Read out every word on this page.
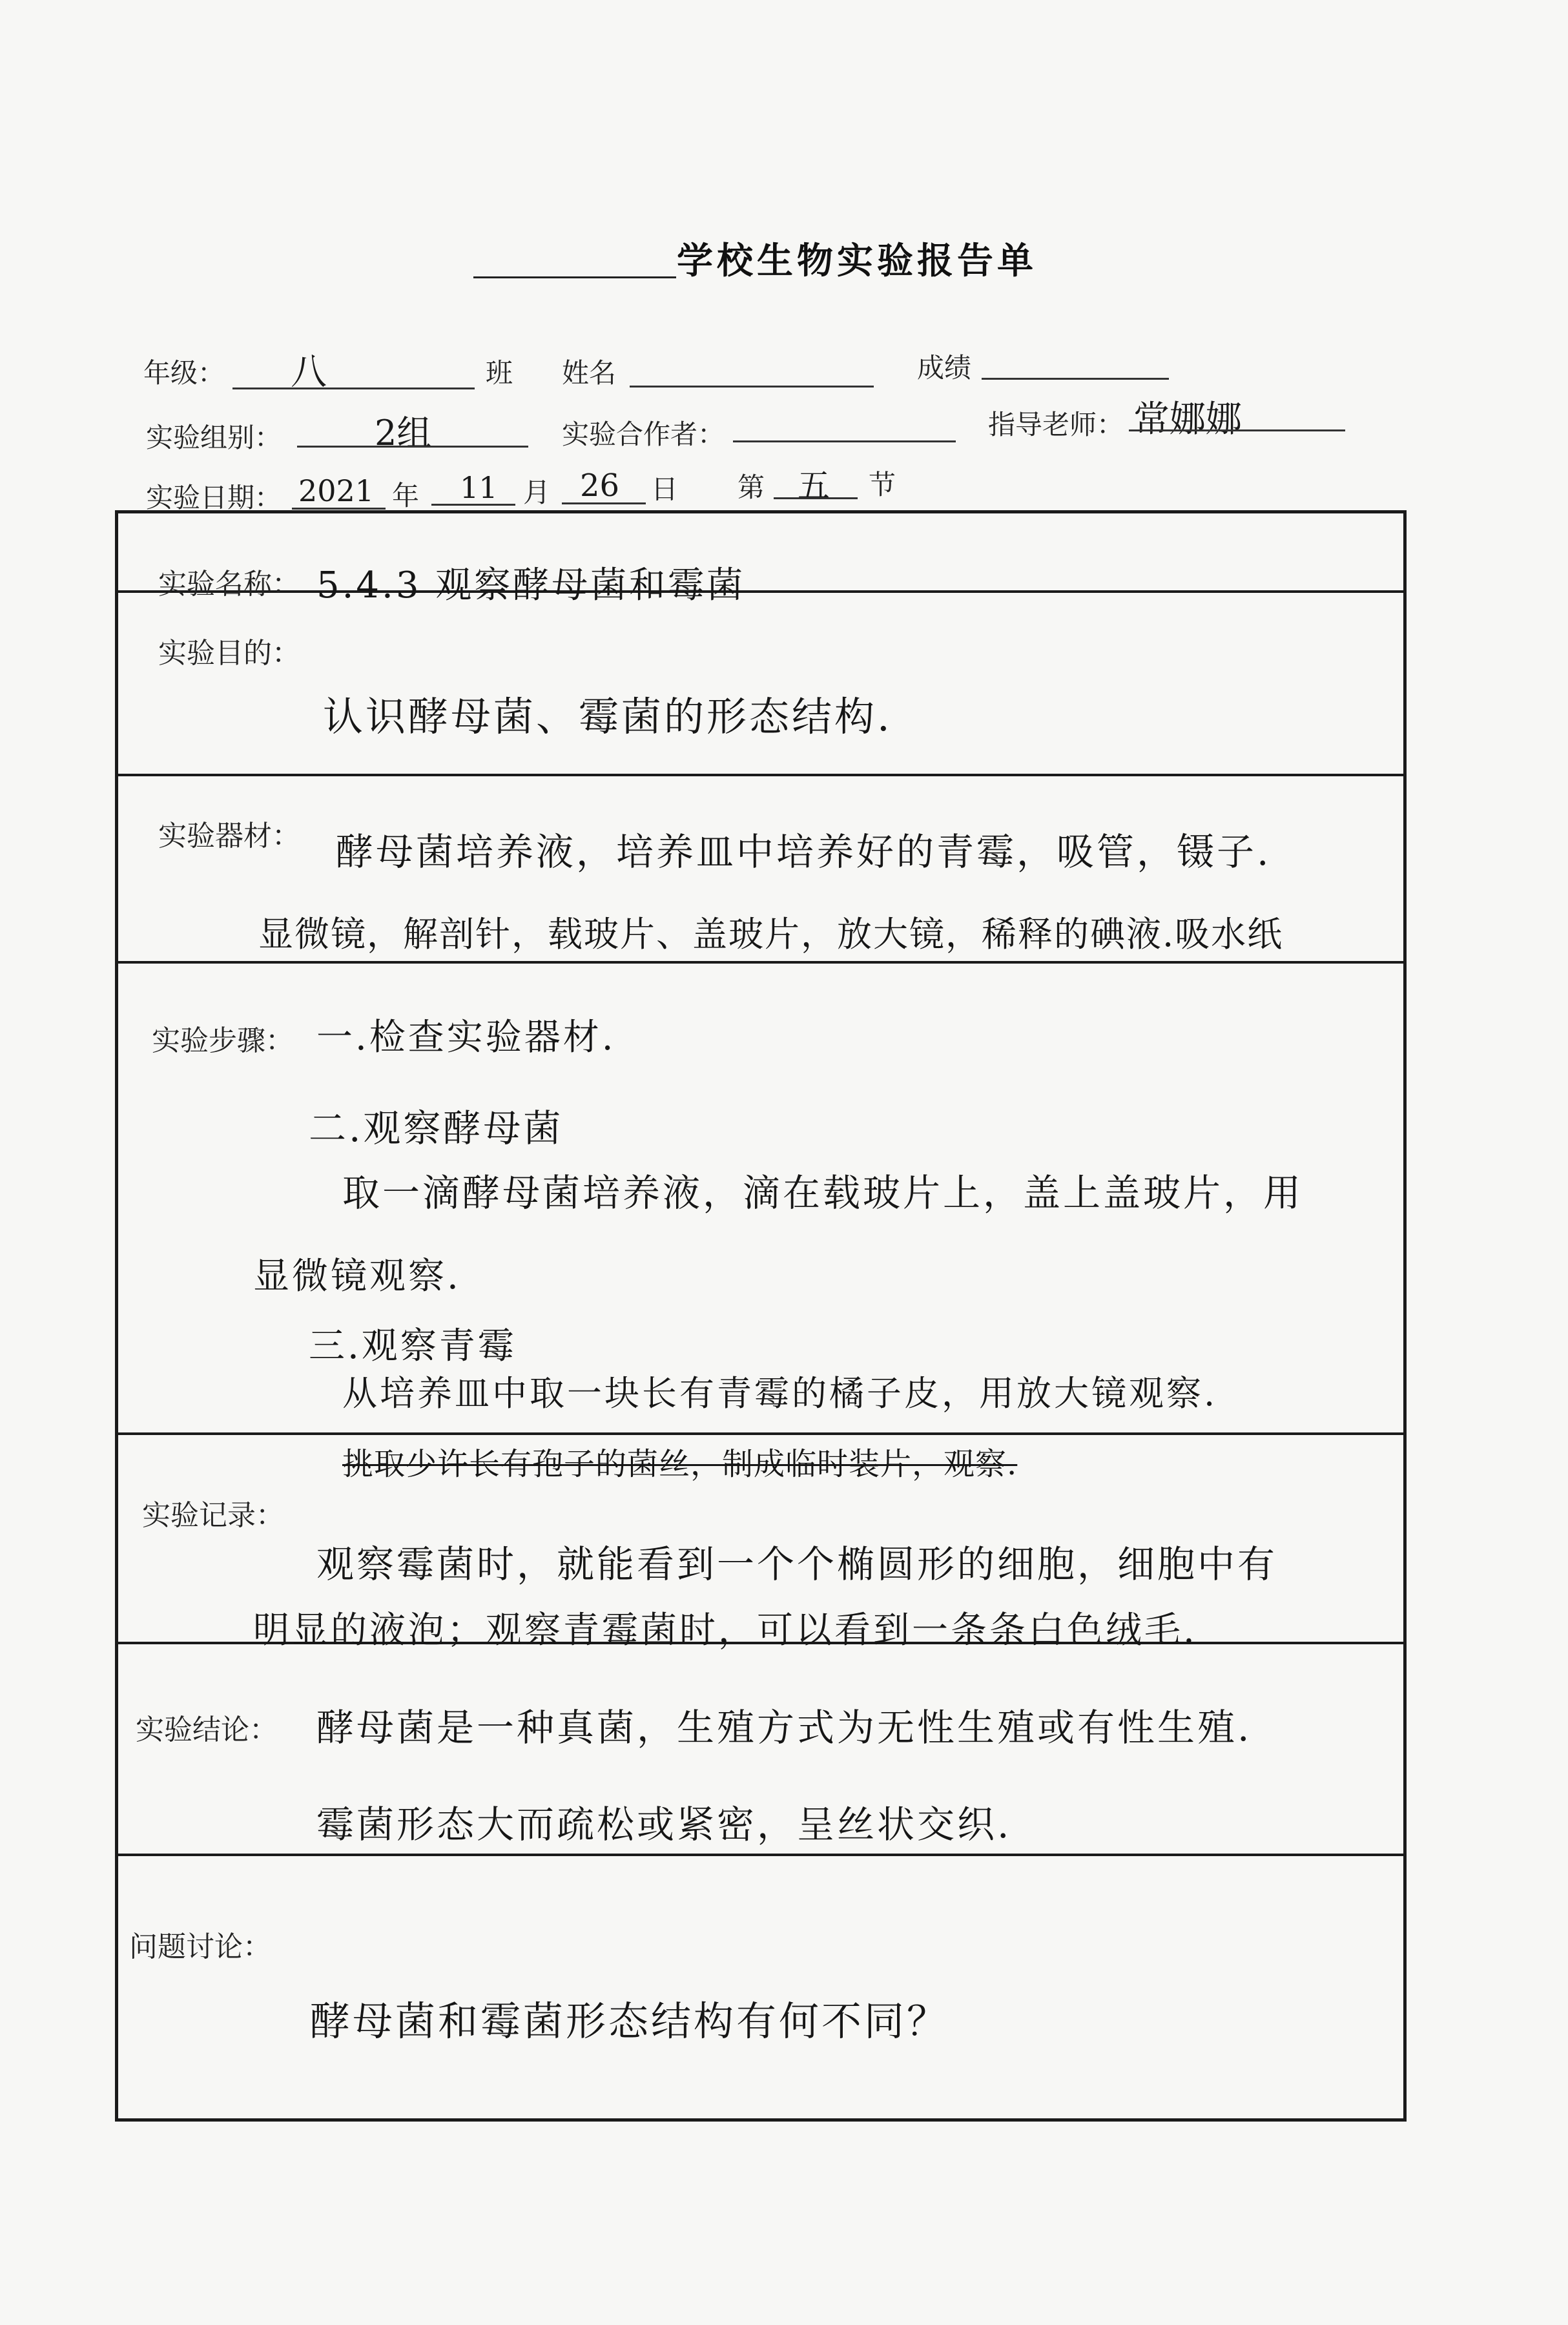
学校生物实验报告单
年级： 八	班 姓名	成绩
实验组别：	2组	实验合作者：	指导老师： 常娜娜
实验日期： 2021 年 11 月 26 日 第 五 节
实验名称： 5.4.3 观察酵母菌和霉菌
实验目的：
认识酵母菌、霉菌的形态结构.
实验器材： 酵母菌培养液，培养皿中培养好的青霉，吸管，镊子.
显微镜，解剖针，载玻片、盖玻片，放大镜，稀释的碘液.吸水纸
实验步骤： 一.检查实验器材.
二.观察酵母菌
取一滴酵母菌培养液，滴在载玻片上，盖上盖玻片，用
显微镜观察.
三.观察青霉
从培养皿中取一块长有青霉的橘子皮，用放大镜观察.
挑取少许长有孢子的菌丝，制成临时装片，观察.
实验记录：
观察霉菌时，就能看到一个个椭圆形的细胞，细胞中有
明显的液泡；观察青霉菌时，可以看到一条条白色绒毛.
实验结论： 酵母菌是一种真菌，生殖方式为无性生殖或有性生殖.
霉菌形态大而疏松或紧密，呈丝状交织.
问题讨论：
酵母菌和霉菌形态结构有何不同？
